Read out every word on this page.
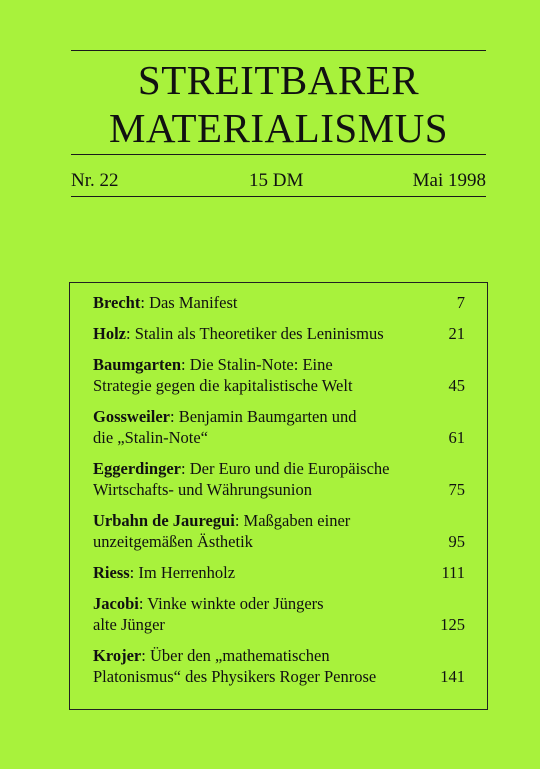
STREITBARER
MATERIALISMUS
Nr. 22	15 DM	Mai 1998
Brecht: Das Manifest	7
Holz: Stalin als Theoretiker des Leninismus	21
Baumgarten: Die Stalin-Note: Eine
Strategie gegen die kapitalistische Welt	45
Gossweiler: Benjamin Baumgarten und
die „Stalin-Note“	61
Eggerdinger: Der Euro und die Europäische
Wirtschafts- und Währungsunion	75
Urbahn de Jauregui: Maßgaben einer
unzeitgemäßen Ästhetik	95
Riess: Im Herrenholz	111
Jacobi: Vinke winkte oder Jüngers
alte Jünger	125
Krojer: Über den „mathematischen
Platonismus“ des Physikers Roger Penrose	141
